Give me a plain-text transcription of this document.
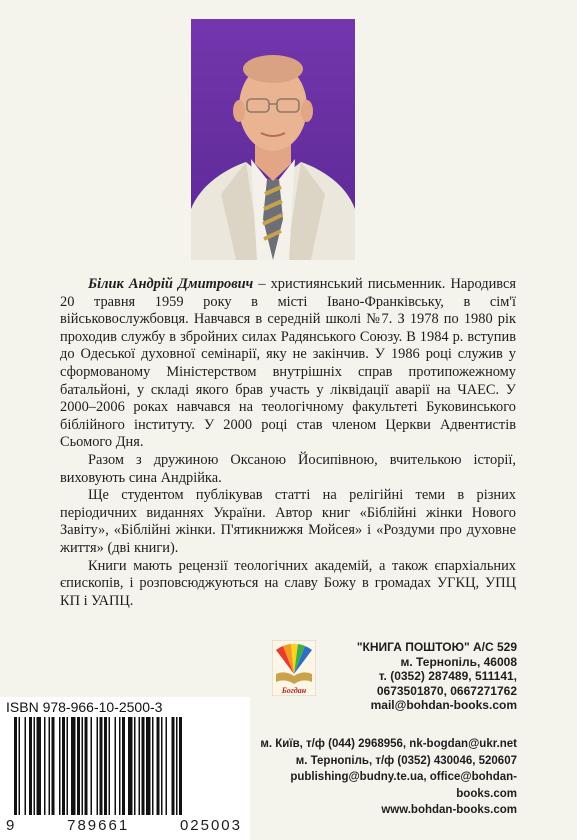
Білик Андрій Дмитрович – християнський письменник. Народився 20 травня 1959 року в місті Івано-Франківську, в сім'ї військовослужбовця. Навчався в середній школі №7. З 1978 по 1980 рік проходив службу в збройних силах Радянського Союзу. В 1984 р. вступив до Одеської духовної семінарії, яку не закінчив. У 1986 році служив у сформованому Міністерством внутрішніх справ протипожежному батальйоні, у складі якого брав участь у ліквідації аварії на ЧАЕС. У 2000–2006 роках навчався на теологічному факультеті Буковинського біблійного інституту. У 2000 році став членом Церкви Адвентистів Сьомого Дня.

Разом з дружиною Оксаною Йосипівною, вчителькою історії, виховують сина Андрійка.

Ще студентом публікував статті на релігійні теми в різних періодичних виданнях України. Автор книг «Біблійні жінки Нового Завіту», «Біблійні жінки. П'ятикнижжя Мойсея» і «Роздуми про духовне життя» (дві книги).

Книги мають рецензії теологічних академій, а також єпархіальних єпископів, і розповсюджуються на славу Божу в громадах УГКЦ, УПЦ КП і УАПЦ.

Богдан
"КНИГА ПОШТОЮ" А/С 529
м. Тернопіль, 46008
т. (0352) 287489, 511141,
0673501870, 0667271762
mail@bohdan-books.com
ISBN 978-966-10-2500-3
9	789661	025003
м. Київ, т/ф (044) 2968956, nk-bogdan@ukr.net
м. Тернопіль, т/ф (0352) 430046, 520607
publishing@budny.te.ua, office@bohdan-books.com
www.bohdan-books.com
